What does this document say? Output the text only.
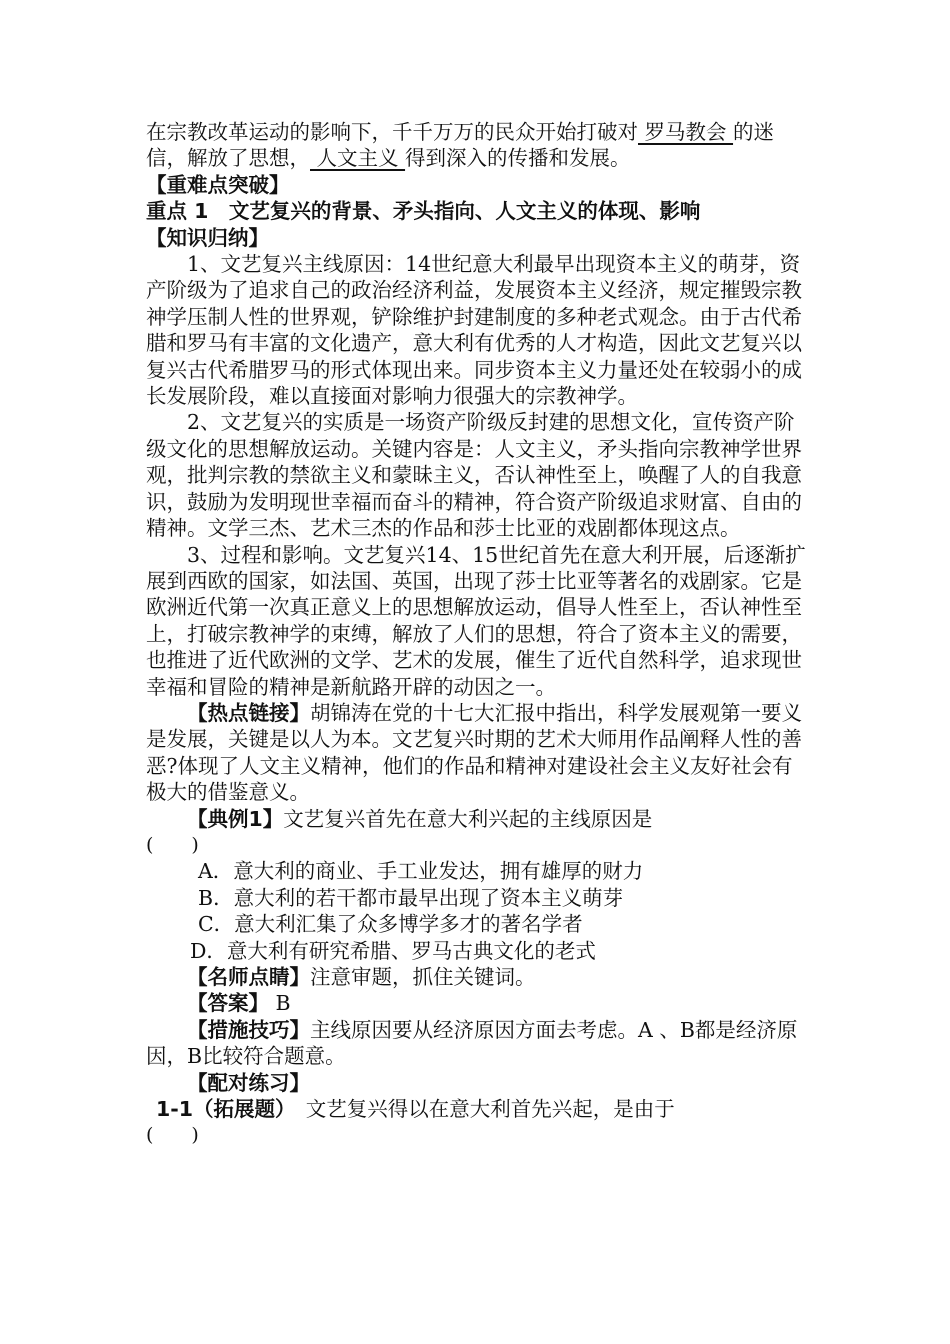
在宗教改革运动的影响下，千千万万的民众开始打破对 罗马教会 的迷信，解放了思想， 人文主义 得到深入的传播和发展。

【重难点突破】

重点 1　文艺复兴的背景、矛头指向、人文主义的体现、影响

【知识归纳】

1、文艺复兴主线原因：14世纪意大利最早出现资本主义的萌芽，资产阶级为了追求自己的政治经济利益，发展资本主义经济，规定摧毁宗教神学压制人性的世界观，铲除维护封建制度的多种老式观念。由于古代希腊和罗马有丰富的文化遗产，意大利有优秀的人才构造，因此文艺复兴以复兴古代希腊罗马的形式体现出来。同步资本主义力量还处在较弱小的成长发展阶段，难以直接面对影响力很强大的宗教神学。

2、文艺复兴的实质是一场资产阶级反封建的思想文化，宣传资产阶级文化的思想解放运动。关键内容是：人文主义，矛头指向宗教神学世界观，批判宗教的禁欲主义和蒙昧主义，否认神性至上，唤醒了人的自我意识，鼓励为发明现世幸福而奋斗的精神，符合资产阶级追求财富、自由的精神。文学三杰、艺术三杰的作品和莎士比亚的戏剧都体现这点。

3、过程和影响。文艺复兴14、15世纪首先在意大利开展，后逐渐扩展到西欧的国家，如法国、英国，出现了莎士比亚等著名的戏剧家。它是欧洲近代第一次真正意义上的思想解放运动，倡导人性至上，否认神性至上，打破宗教神学的束缚，解放了人们的思想，符合了资本主义的需要，也推进了近代欧洲的文学、艺术的发展，催生了近代自然科学，追求现世幸福和冒险的精神是新航路开辟的动因之一。

【热点链接】胡锦涛在党的十七大汇报中指出，科学发展观第一要义是发展，关键是以人为本。文艺复兴时期的艺术大师用作品阐释人性的善恶?体现了人文主义精神，他们的作品和精神对建设社会主义友好社会有极大的借鉴意义。

【典例1】文艺复兴首先在意大利兴起的主线原因是

(　　)

A．意大利的商业、手工业发达，拥有雄厚的财力

B．意大利的若干都市最早出现了资本主义萌芽

C．意大利汇集了众多博学多才的著名学者

D．意大利有研究希腊、罗马古典文化的老式

【名师点睛】注意审题，抓住关键词。

【答案】 B

【措施技巧】主线原因要从经济原因方面去考虑。A 、B都是经济原因，B比较符合题意。

【配对练习】

1-1（拓展题）　文艺复兴得以在意大利首先兴起，是由于

(　　)
